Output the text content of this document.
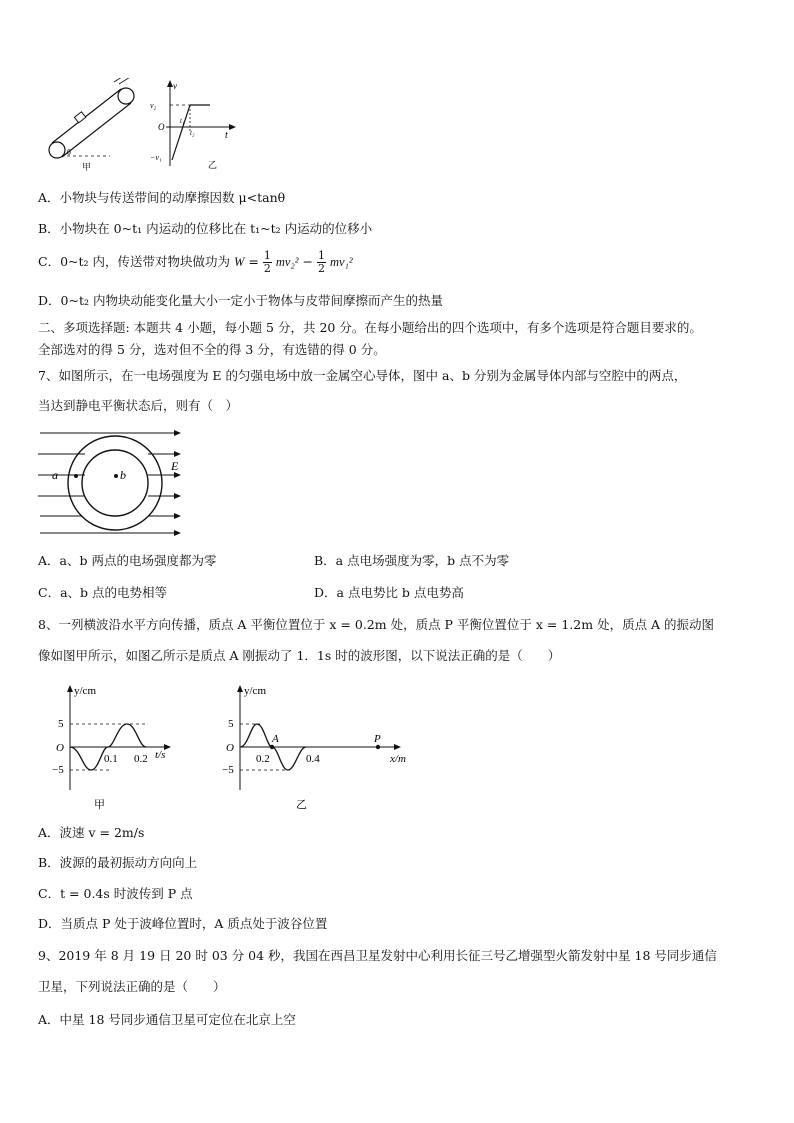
θ
甲
v
t
v₂
O
−v₁
t₁
t₂
乙
A．小物块与传送带间的动摩擦因数 μ<tanθ
B．小物块在 0~t₁ 内运动的位移比在 t₁~t₂ 内运动的位移小
C．0~t₂ 内，传送带对物块做功为 $W = \frac{1}{2} mv_2^2 - \frac{1}{2} mv_1^2$
D．0~t₂ 内物块动能变化量大小一定小于物体与皮带间摩擦而产生的热量
二、多项选择题: 本题共 4 小题，每小题 5 分，共 20 分。在每小题给出的四个选项中，有多个选项是符合题目要求的。
全部选对的得 5 分，选对但不全的得 3 分，有选错的得 0 分。
7、如图所示，在一电场强度为 E 的匀强电场中放一金属空心导体，图中 a、b 分别为金属导体内部与空腔中的两点，
当达到静电平衡状态后，则有（　）
a	b
E
A．a、b 两点的电场强度都为零	B．a 点电场强度为零，b 点不为零
C．a、b 点的电势相等	D．a 点电势比 b 点电势高
8、一列横波沿水平方向传播，质点 A 平衡位置位于 x = 0.2m 处，质点 P 平衡位置位于 x = 1.2m 处，质点 A 的振动图
像如图甲所示，如图乙所示是质点 A 刚振动了 1．1s 时的波形图，以下说法正确的是（　　）
y/cm
t/s
O
5
−5
0.1 0.2
甲
y/cm
x/m
O
5
−5
A	P
0.2	0.4
乙
A．波速 v = 2m/s
B．波源的最初振动方向向上
C．t = 0.4s 时波传到 P 点
D．当质点 P 处于波峰位置时，A 质点处于波谷位置
9、2019 年 8 月 19 日 20 时 03 分 04 秒，我国在西昌卫星发射中心利用长征三号乙增强型火箭发射中星 18 号同步通信
卫星，下列说法正确的是（　　）
A．中星 18 号同步通信卫星可定位在北京上空
